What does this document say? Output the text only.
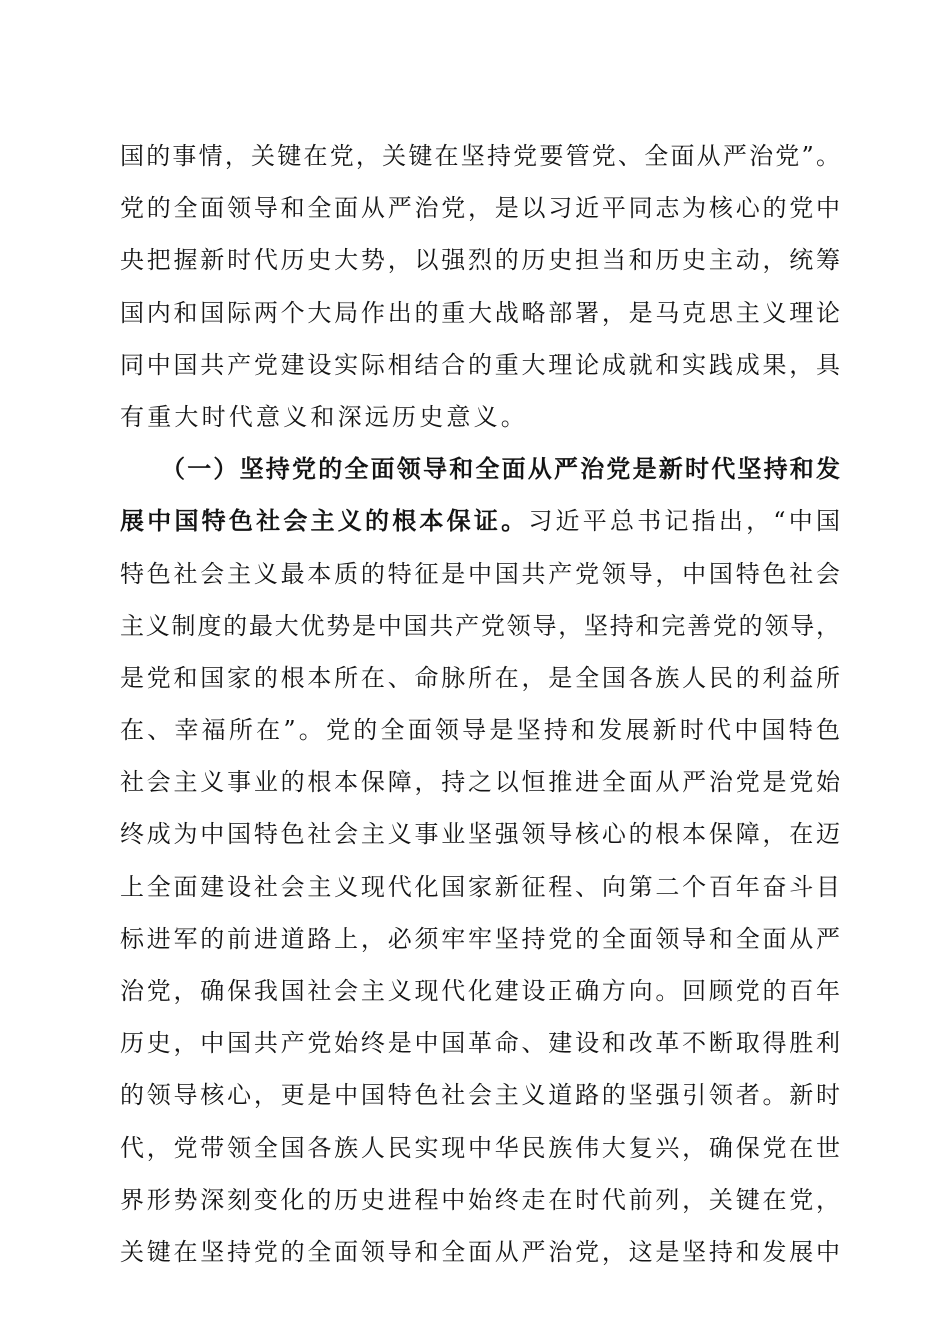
国的事情，关键在党，关键在坚持党要管党、全面从严治党”。
党的全面领导和全面从严治党，是以习近平同志为核心的党中
央把握新时代历史大势，以强烈的历史担当和历史主动，统筹
国内和国际两个大局作出的重大战略部署，是马克思主义理论
同中国共产党建设实际相结合的重大理论成就和实践成果，具
有重大时代意义和深远历史意义。
（一）坚持党的全面领导和全面从严治党是新时代坚持和发
展中国特色社会主义的根本保证。习近平总书记指出，“中国
特色社会主义最本质的特征是中国共产党领导，中国特色社会
主义制度的最大优势是中国共产党领导，坚持和完善党的领导，
是党和国家的根本所在、命脉所在，是全国各族人民的利益所
在、幸福所在”。党的全面领导是坚持和发展新时代中国特色
社会主义事业的根本保障，持之以恒推进全面从严治党是党始
终成为中国特色社会主义事业坚强领导核心的根本保障，在迈
上全面建设社会主义现代化国家新征程、向第二个百年奋斗目
标进军的前进道路上，必须牢牢坚持党的全面领导和全面从严
治党，确保我国社会主义现代化建设正确方向。回顾党的百年
历史，中国共产党始终是中国革命、建设和改革不断取得胜利
的领导核心，更是中国特色社会主义道路的坚强引领者。新时
代，党带领全国各族人民实现中华民族伟大复兴，确保党在世
界形势深刻变化的历史进程中始终走在时代前列，关键在党，
关键在坚持党的全面领导和全面从严治党，这是坚持和发展中
